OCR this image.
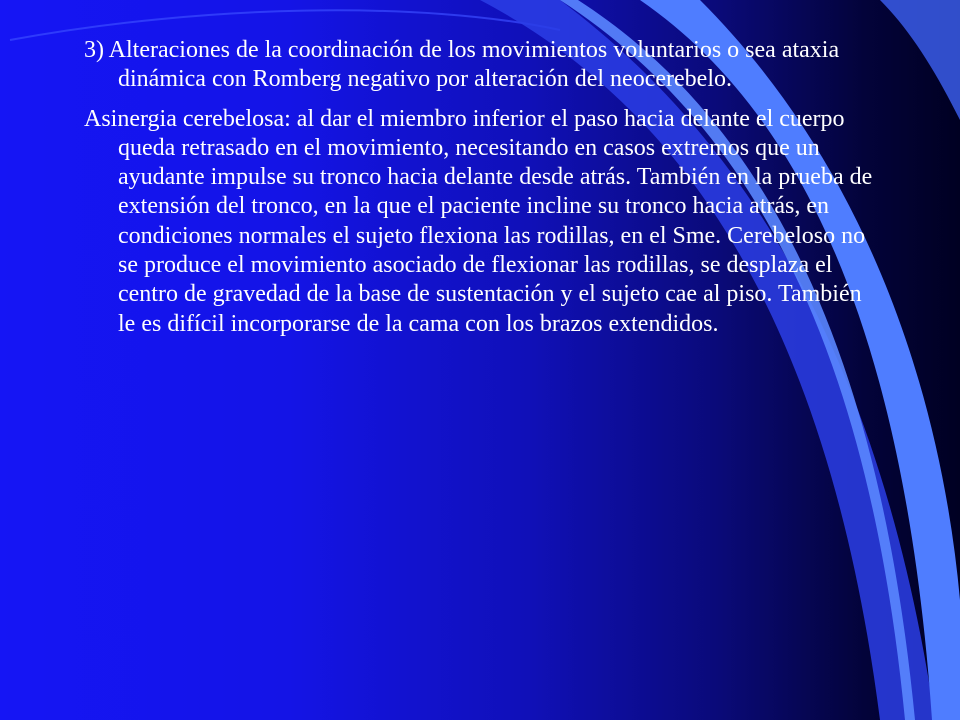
3) Alteraciones de la coordinación de los movimientos voluntarios o sea ataxia dinámica con Romberg negativo por alteración del neocerebelo.

Asinergia cerebelosa: al dar el miembro inferior el paso hacia delante el cuerpo queda retrasado en el movimiento, necesitando en casos extremos que un ayudante impulse su tronco hacia delante desde atrás. También en la prueba de extensión del tronco, en la que el paciente incline su tronco hacia atrás, en condiciones normales el sujeto flexiona las rodillas, en el Sme. Cerebeloso no se produce el movimiento asociado de flexionar las rodillas, se desplaza el centro de gravedad de la base de sustentación y el sujeto cae al piso. También le es difícil incorporarse de la cama con los brazos extendidos.
